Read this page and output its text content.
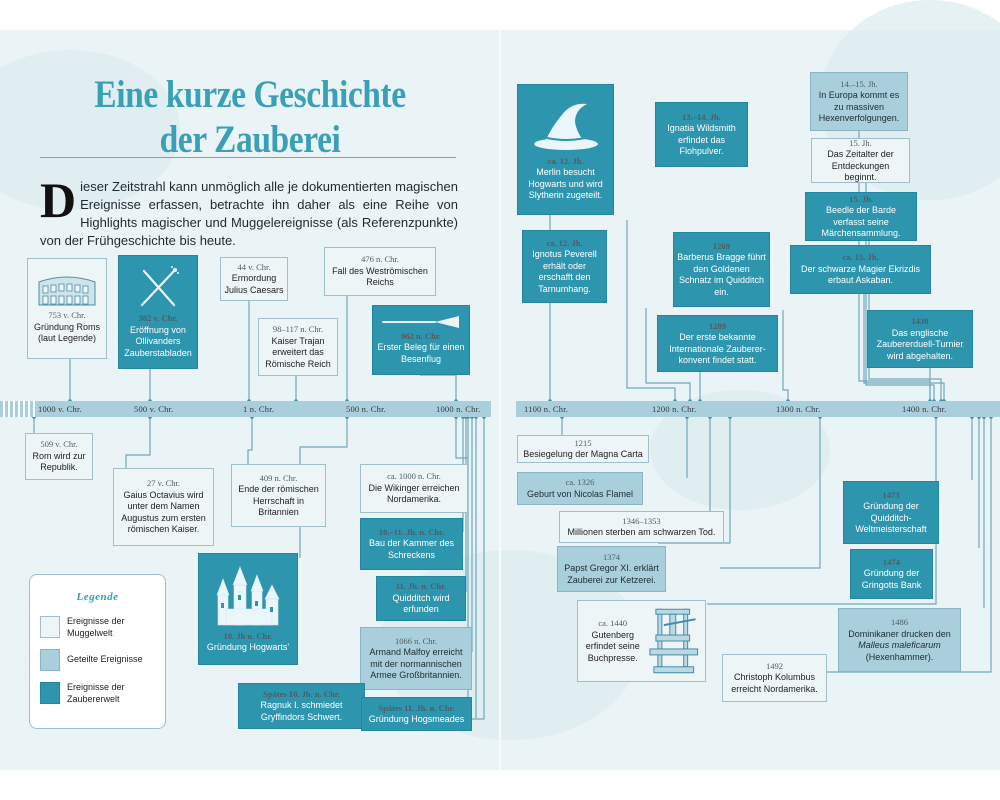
Eine kurze Geschichte der Zauberei
Dieser Zeitstrahl kann unmöglich alle je dokumentierten magischen Ereignisse erfassen, betrachte ihn daher als eine Reihe von Highlights magischer und Muggelereignisse (als Referenzpunkte) von der Frühgeschichte bis heute.
1000 v. Chr.	500 v. Chr.	1 n. Chr.	500 n. Chr.	1000 n. Chr.	1100 n. Chr.	1200 n. Chr.	1300 n. Chr.	1400 n. Chr.
753 v. Chr.
Gründung Roms (laut Legende)
382 v. Chr.
Eröffnung von Ollivanders Zauberstabladen
44 v. Chr.
Ermordung Julius Caesars
98–117 n. Chr.
Kaiser Trajan erweitert das Römische Reich
476 n. Chr.
Fall des Weströmischen Reichs
962 n. Chr.
Erster Beleg für einen Besenflug
509 v. Chr.
Rom wird zur Republik.
27 v. Chr.
Gaius Octavius wird unter dem Namen Augustus zum ersten römischen Kaiser.
409 n. Chr.
Ende der römischen Herrschaft in Britannien
10. Jh n. Chr.
Gründung Hogwarts'
ca. 1000 n. Chr.
Die Wikinger erreichen Nordamerika.
10.–11. Jh. n. Chr.
Bau der Kammer des Schreckens
11. Jh. n. Chr.
Quidditch wird erfunden
1066 n. Chr.
Armand Malfoy erreicht mit der normannischen Armee Großbritannien.
Spätes 10. Jh. n. Chr.
Ragnuk I. schmiedet Gryffindors Schwert.
Spätes 11. Jh. n. Chr.
Gründung Hogsmeades
Legende
Ereignisse der Muggelwelt
Geteilte Ereignisse
Ereignisse der Zaubererwelt
ca. 12. Jh.
Merlin besucht Hogwarts und wird Slytherin zugeteilt.
ca. 12. Jh.
Ignotus Peverell erhält oder erschafft den Tarnumhang.
13.–14. Jh.
Ignatia Wildsmith erfindet das Flohpulver.
1269
Barberus Bragge führt den Goldenen Schnatz im Quidditch ein.
1289
Der erste bekannte Internationale Zauberer-konvent findet statt.
14.–15. Jh.
In Europa kommt es zu massiven Hexenverfolgungen.
15. Jh.
Das Zeitalter der Entdeckungen beginnt.
15. Jh.
Beedle der Barde verfasst seine Märchensammlung.
ca. 15. Jh.
Der schwarze Magier Ekrizdis erbaut Askaban.
1430
Das englische Zaubererduell-Turnier wird abgehalten.
1215
Besiegelung der Magna Carta
ca. 1326
Geburt von Nicolas Flamel
1346–1353
Millionen sterben am schwarzen Tod.
1374
Papst Gregor XI. erklärt Zauberei zur Ketzerei.
ca. 1440
Gutenberg erfindet seine Buchpresse.
1473
Gründung der Quidditch-Weltmeisterschaft
1474
Gründung der Gringotts Bank
1486
Dominikaner drucken den Malleus maleficarum (Hexenhammer).
1492
Christoph Kolumbus erreicht Nordamerika.
